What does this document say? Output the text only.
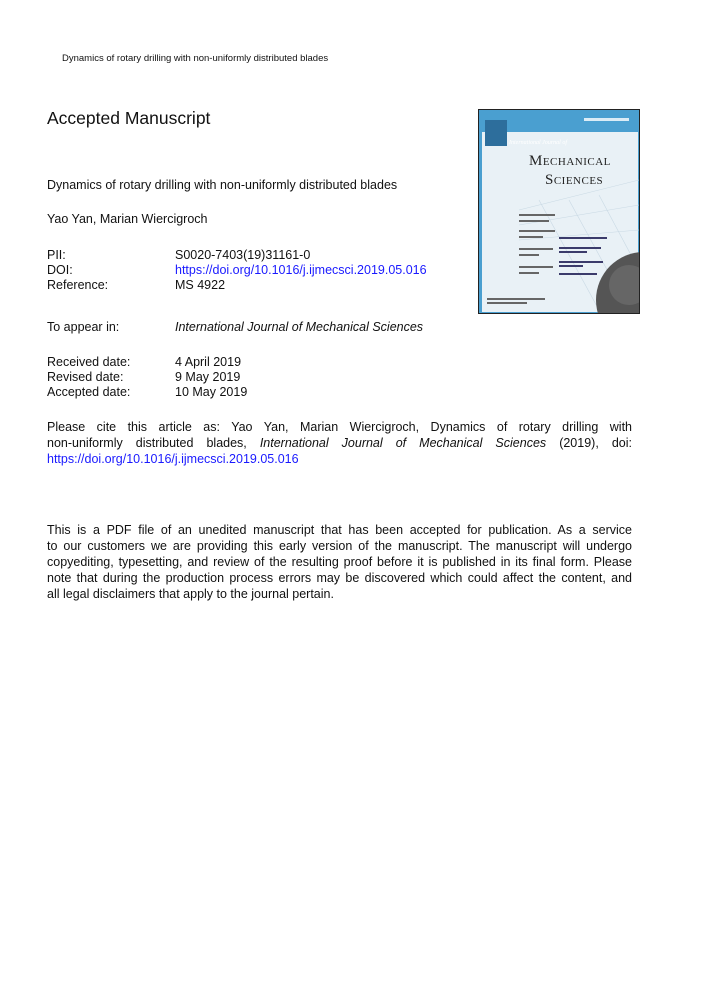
Dynamics of rotary drilling with non-uniformly distributed blades
Accepted Manuscript
Dynamics of rotary drilling with non-uniformly distributed blades
Yao Yan, Marian Wiercigroch
PII:	S0020-7403(19)31161-0
DOI:	https://doi.org/10.1016/j.ijmecsci.2019.05.016
Reference:	MS 4922
To appear in:	International Journal of Mechanical Sciences
Received date:	4 April 2019
Revised date:	9 May 2019
Accepted date:	10 May 2019
Please cite this article as: Yao Yan, Marian Wiercigroch, Dynamics of rotary drilling with
non-uniformly distributed blades, International Journal of Mechanical Sciences (2019), doi:
https://doi.org/10.1016/j.ijmecsci.2019.05.016
This is a PDF file of an unedited manuscript that has been accepted for publication. As a service
to our customers we are providing this early version of the manuscript. The manuscript will undergo
copyediting, typesetting, and review of the resulting proof before it is published in its final form. Please
note that during the production process errors may be discovered which could affect the content, and
all legal disclaimers that apply to the journal pertain.
International Journal of
Mechanical
Sciences
